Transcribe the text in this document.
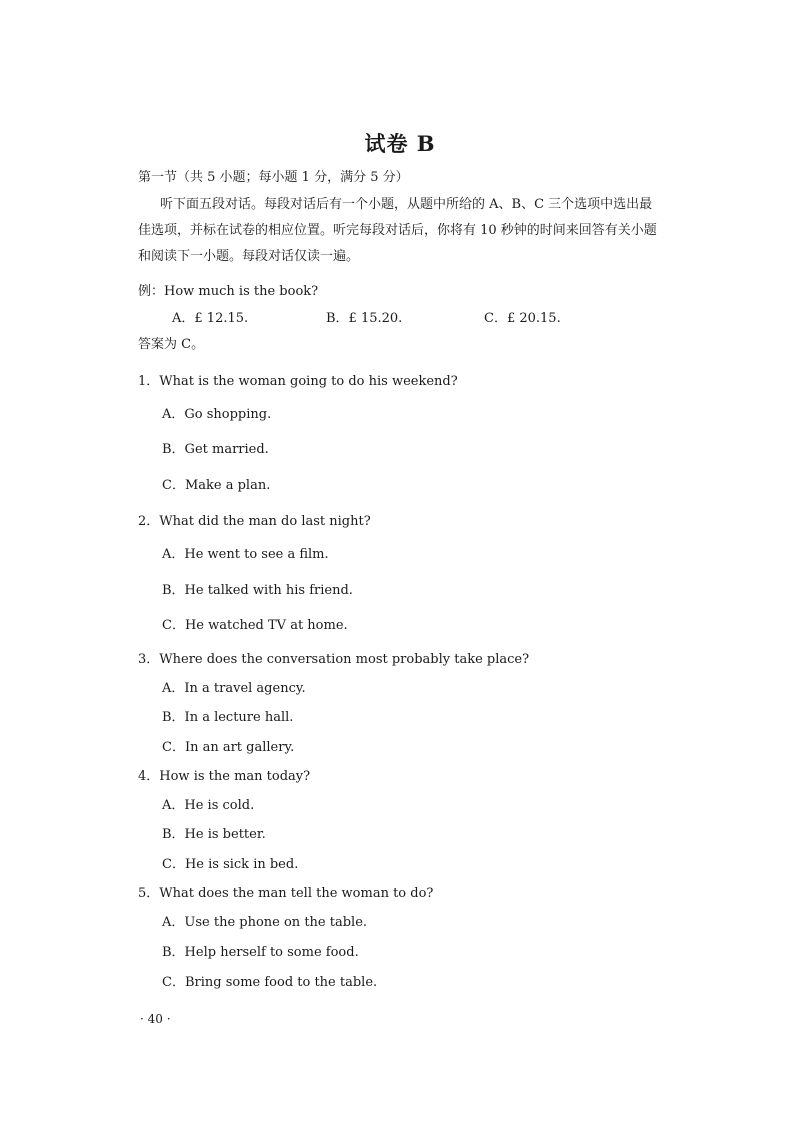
试卷 B
第一节（共 5 小题；每小题 1 分，满分 5 分）
听下面五段对话。每段对话后有一个小题，从题中所给的 A、B、C 三个选项中选出最
佳选项，并标在试卷的相应位置。听完每段对话后，你将有 10 秒钟的时间来回答有关小题
和阅读下一小题。每段对话仅读一遍。
例：How much is the book?
A．£ 12.15.	B．£ 15.20.	C．£ 20.15.
答案为 C。
1．What is the woman going to do his weekend?
A．Go shopping.
B．Get married.
C．Make a plan.
2．What did the man do last night?
A．He went to see a film.
B．He talked with his friend.
C．He watched TV at home.
3．Where does the conversation most probably take place?
A．In a travel agency.
B．In a lecture hall.
C．In an art gallery.
4．How is the man today?
A．He is cold.
B．He is better.
C．He is sick in bed.
5．What does the man tell the woman to do?
A．Use the phone on the table.
B．Help herself to some food.
C．Bring some food to the table.
· 40 ·
